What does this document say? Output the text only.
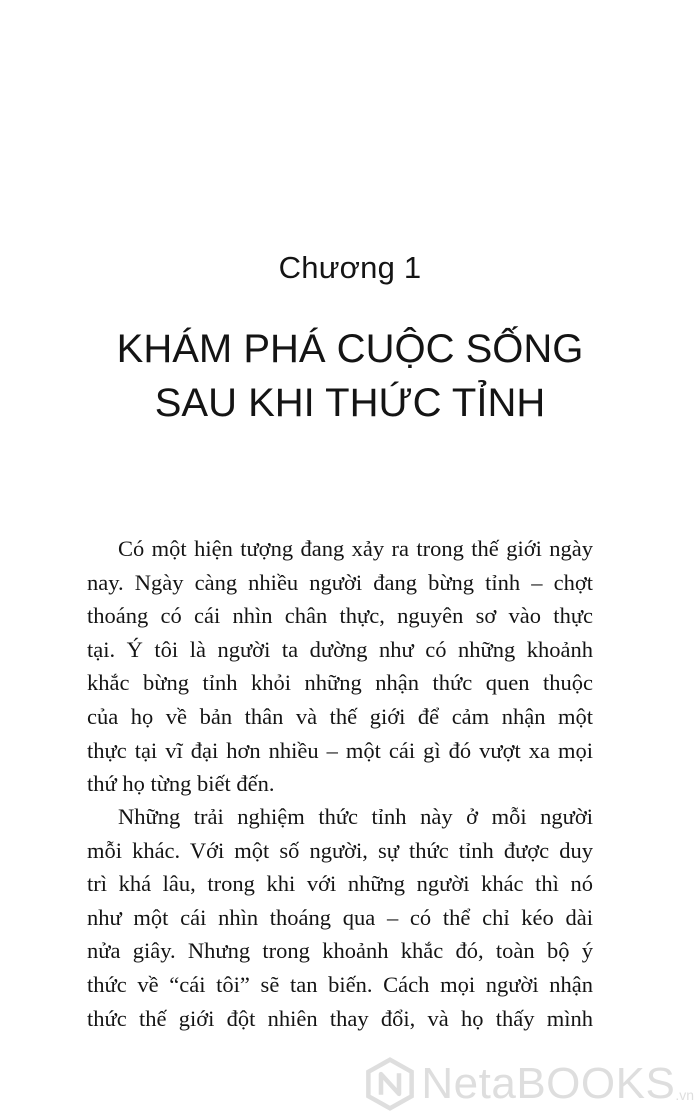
Chương 1
KHÁM PHÁ CUỘC SỐNG
SAU KHI THỨC TỈNH
Có một hiện tượng đang xảy ra trong thế giới ngày
nay. Ngày càng nhiều người đang bừng tỉnh – chợt
thoáng có cái nhìn chân thực, nguyên sơ vào thực
tại. Ý tôi là người ta dường như có những khoảnh
khắc bừng tỉnh khỏi những nhận thức quen thuộc
của họ về bản thân và thế giới để cảm nhận một
thực tại vĩ đại hơn nhiều – một cái gì đó vượt xa mọi
thứ họ từng biết đến.
Những trải nghiệm thức tỉnh này ở mỗi người
mỗi khác. Với một số người, sự thức tỉnh được duy
trì khá lâu, trong khi với những người khác thì nó
như một cái nhìn thoáng qua – có thể chỉ kéo dài
nửa giây. Nhưng trong khoảnh khắc đó, toàn bộ ý
thức về “cái tôi” sẽ tan biến. Cách mọi người nhận
thức thế giới đột nhiên thay đổi, và họ thấy mình
NetaBOOKS .vn
